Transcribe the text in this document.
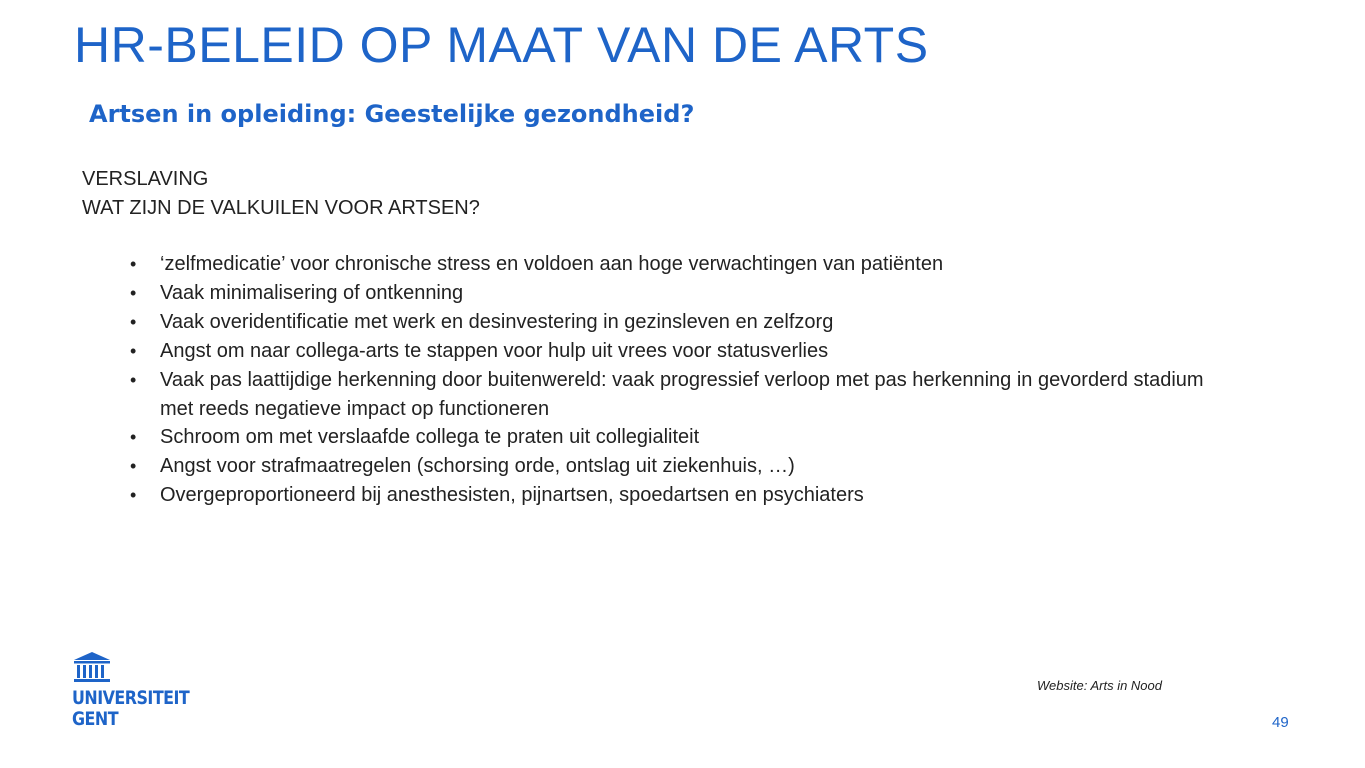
HR-BELEID OP MAAT VAN DE ARTS
Artsen in opleiding: Geestelijke gezondheid?
VERSLAVING
WAT ZIJN DE VALKUILEN VOOR ARTSEN?
• ‘zelfmedicatie’ voor chronische stress en voldoen aan hoge verwachtingen van patiënten
• Vaak minimalisering of ontkenning
• Vaak overidentificatie met werk en desinvestering in gezinsleven en zelfzorg
• Angst om naar collega-arts te stappen voor hulp uit vrees voor statusverlies
• Vaak pas laattijdige herkenning door buitenwereld: vaak progressief verloop met pas herkenning in gevorderd stadium met reeds negatieve impact op functioneren
• Schroom om met verslaafde collega te praten uit collegialiteit
• Angst voor strafmaatregelen (schorsing orde, ontslag uit ziekenhuis, …)
• Overgeproportioneerd bij anesthesisten, pijnartsen, spoedartsen en psychiaters
UNIVERSITEIT
GENT
Website: Arts in Nood
49
